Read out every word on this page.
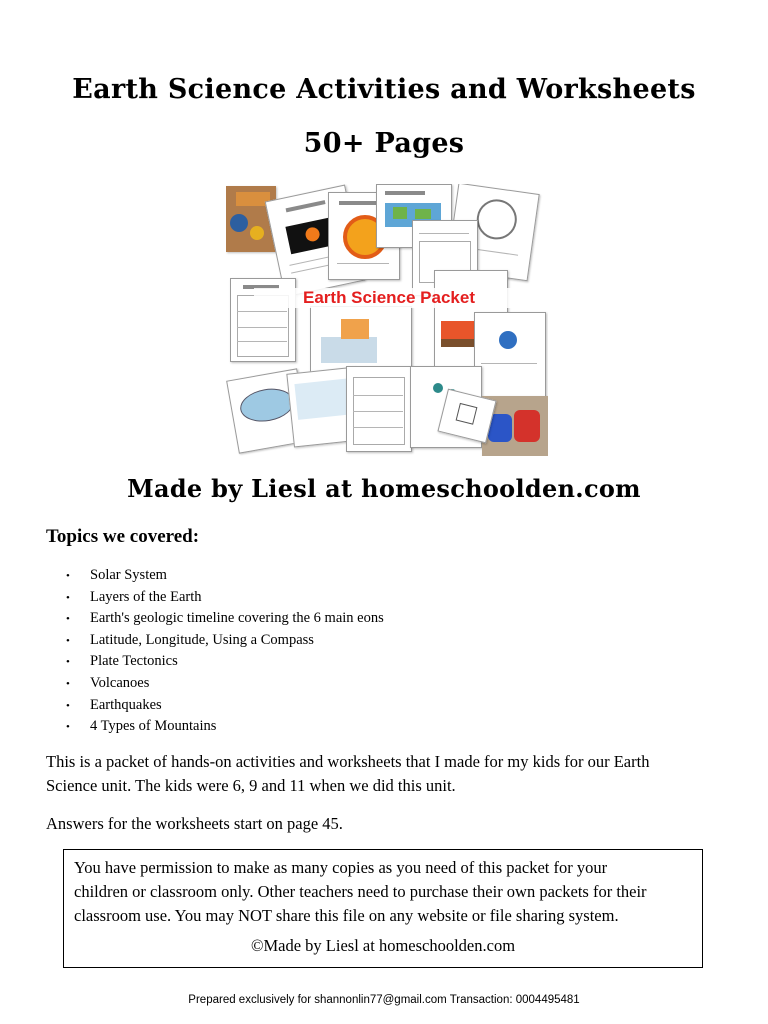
Earth Science Activities and Worksheets
50+ Pages
Earth Science Packet
Made by Liesl at homeschoolden.com
Topics we covered:
• Solar System
• Layers of the Earth
• Earth's geologic timeline covering the 6 main eons
• Latitude, Longitude, Using a Compass
• Plate Tectonics
• Volcanoes
• Earthquakes
• 4 Types of Mountains
This is a packet of hands-on activities and worksheets that I made for my kids for our Earth
Science unit. The kids were 6, 9 and 11 when we did this unit.
Answers for the worksheets start on page 45.
You have permission to make as many copies as you need of this packet for your
children or classroom only. Other teachers need to purchase their own packets for their
classroom use. You may NOT share this file on any website or file sharing system.
©Made by Liesl at homeschoolden.com
Prepared exclusively for shannonlin77@gmail.com Transaction: 0004495481
